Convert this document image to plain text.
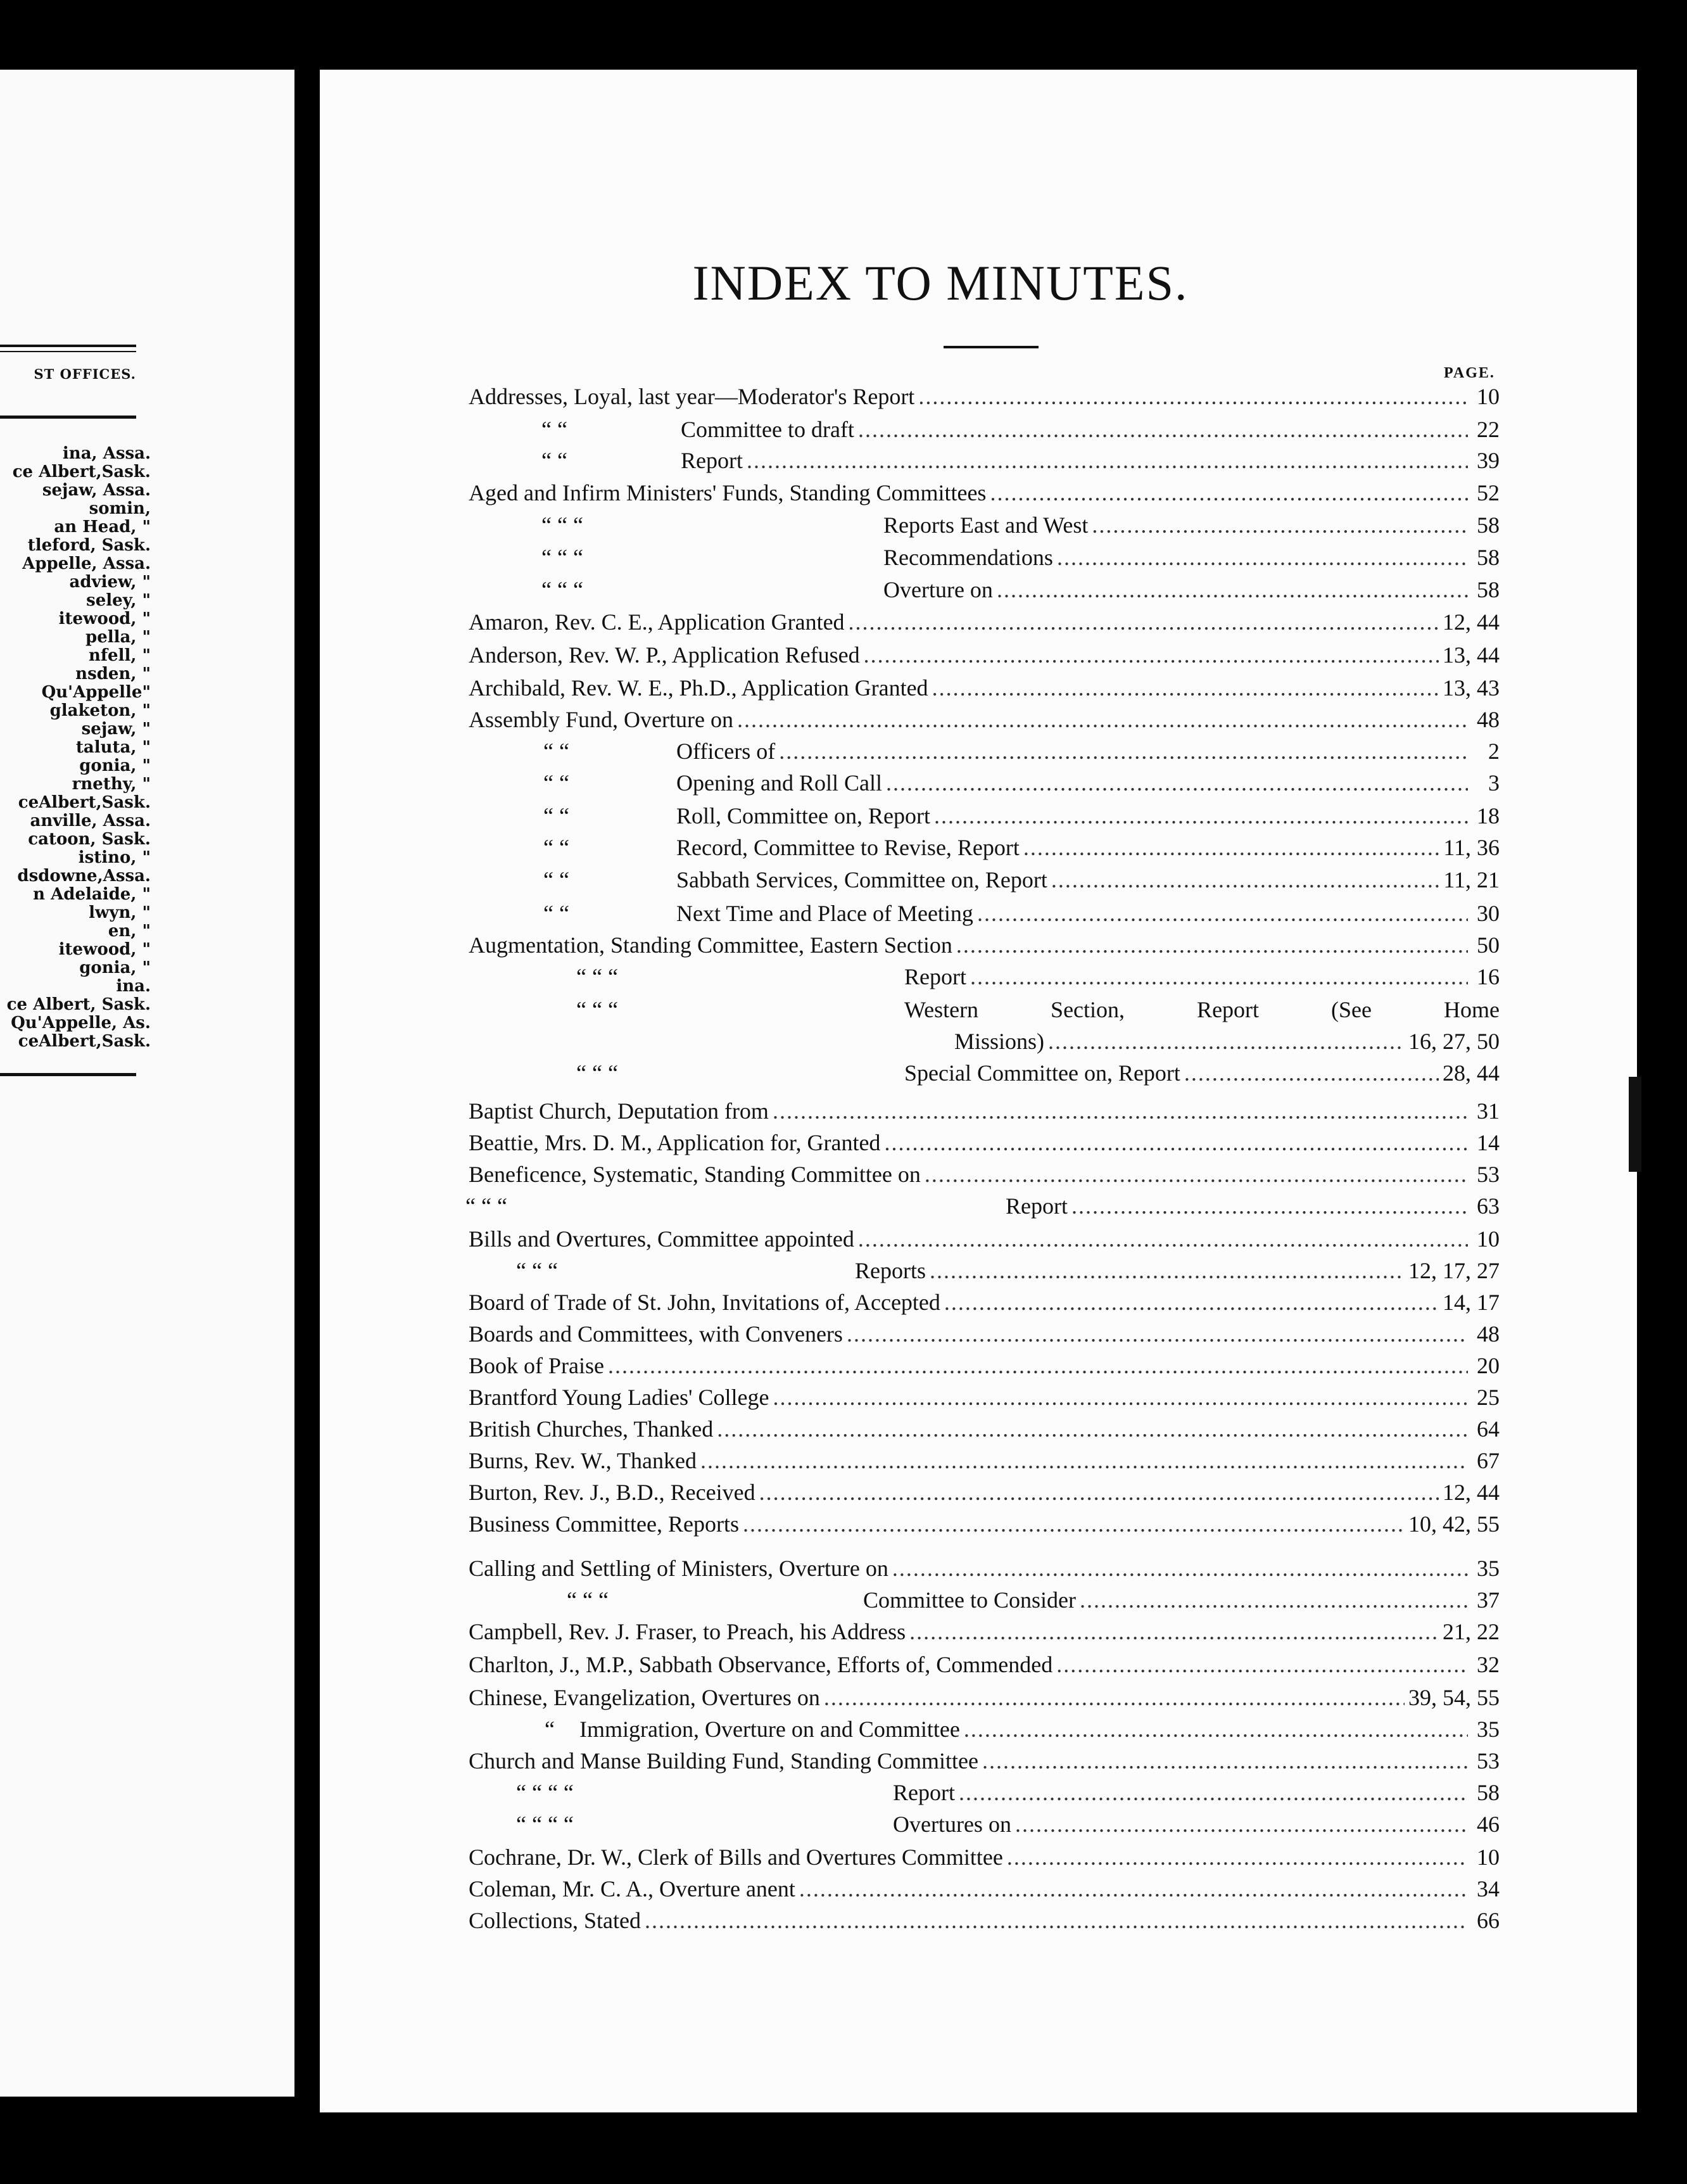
ST OFFICES.
ina, Assa.
ce Albert,Sask.
sejaw, Assa.
somin,
an Head, "
tleford, Sask.
Appelle, Assa.
adview, "
seley, "
itewood, "
pella, "
nfell, "
nsden, "
Qu'Appelle"
glaketon, "
sejaw, "
taluta, "
gonia, "
rnethy, "
ceAlbert,Sask.
anville, Assa.
catoon, Sask.
istino, "
dsdowne,Assa.
n Adelaide, "
lwyn, "
en, "
itewood, "
gonia, "
ina.
ce Albert, Sask.
Qu'Appelle, As.
ceAlbert,Sask.
INDEX TO MINUTES.
PAGE.
Addresses, Loyal, last year—Moderator's Report .....	10
“ “	Committee to draft .....	22
“ “	Report .....	39
Aged and Infirm Ministers' Funds, Standing Committees .....	52
“ “ “	Reports East and West .....	58
“ “ “	Recommendations .....	58
“ “ “	Overture on .....	58
Amaron, Rev. C. E., Application Granted .....	12, 44
Anderson, Rev. W. P., Application Refused .....	13, 44
Archibald, Rev. W. E., Ph.D., Application Granted .....	13, 43
Assembly Fund, Overture on .....	48
“ “	Officers of .....	2
“ “	Opening and Roll Call .....	3
“ “	Roll, Committee on, Report .....	18
“ “	Record, Committee to Revise, Report .....	11, 36
“ “	Sabbath Services, Committee on, Report .....	11, 21
“ “	Next Time and Place of Meeting .....	30
Augmentation, Standing Committee, Eastern Section .....	50
“ “ “	Report .....	16
“ “ “	Western Section, Report (See Home
Missions) .....	16, 27, 50
“ “ “	Special Committee on, Report .....	28, 44
Baptist Church, Deputation from .....	31
Beattie, Mrs. D. M., Application for, Granted .....	14
Beneficence, Systematic, Standing Committee on .....	53
“ “ “	Report .....	63
Bills and Overtures, Committee appointed .....	10
“ “ “	Reports .....	12, 17, 27
Board of Trade of St. John, Invitations of, Accepted .....	14, 17
Boards and Committees, with Conveners .....	48
Book of Praise .....	20
Brantford Young Ladies' College .....	25
British Churches, Thanked .....	64
Burns, Rev. W., Thanked .....	67
Burton, Rev. J., B.D., Received .....	12, 44
Business Committee, Reports .....	10, 42, 55
Calling and Settling of Ministers, Overture on .....	35
“ “ “	Committee to Consider .....	37
Campbell, Rev. J. Fraser, to Preach, his Address .....	21, 22
Charlton, J., M.P., Sabbath Observance, Efforts of, Commended .....	32
Chinese, Evangelization, Overtures on .....	39, 54, 55
“ Immigration, Overture on and Committee .....	35
Church and Manse Building Fund, Standing Committee .....	53
“ “ “ “	Report .....	58
“ “ “ “	Overtures on .....	46
Cochrane, Dr. W., Clerk of Bills and Overtures Committee .....	10
Coleman, Mr. C. A., Overture anent .....	34
Collections, Stated .....	66
